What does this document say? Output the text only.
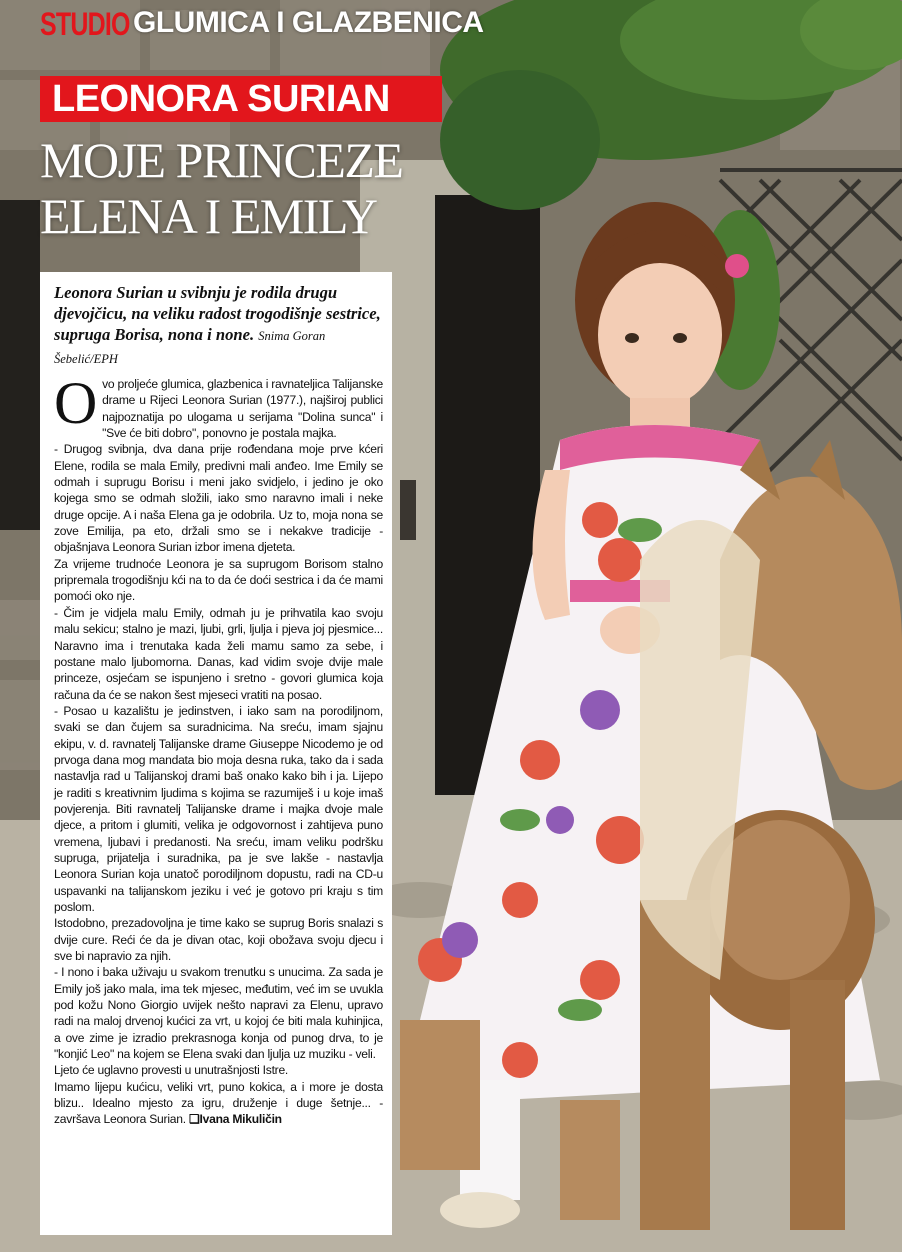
STUDIO GLUMICA I GLAZBENICA
LEONORA SURIAN
MOJE PRINCEZE
ELENA I EMILY
Leonora Surian u svibnju je rodila drugu djevojčicu, na veliku radost trogodišnje sestrice, supruga Borisa, nona i none. Snima Goran Šebelić/EPH

Ovo proljeće glumica, glazbenica i ravnateljica Talijanske drame u Rijeci Leonora Surian (1977.), najširoj publici najpoznatija po ulogama u serijama "Dolina sunca" i "Sve će biti dobro", ponovno je postala majka.

- Drugog svibnja, dva dana prije rođendana moje prve kćeri Elene, rodila se mala Emily, predivni mali anđeo. Ime Emily se odmah i suprugu Borisu i meni jako svidjelo, i jedino je oko kojega smo se odmah složili, iako smo naravno imali i neke druge opcije. A i naša Elena ga je odobrila. Uz to, moja nona se zove Emilija, pa eto, držali smo se i nekakve tradicije - objašnjava Leonora Surian izbor imena djeteta.

Za vrijeme trudnoće Leonora je sa suprugom Borisom stalno pripremala trogodišnju kći na to da će doći sestrica i da će mami pomoći oko nje.

- Čim je vidjela malu Emily, odmah ju je prihvatila kao svoju malu sekicu; stalno je mazi, ljubi, grli, ljulja i pjeva joj pjesmice... Naravno ima i trenutaka kada želi mamu samo za sebe, i postane malo ljubomorna. Danas, kad vidim svoje dvije male princeze, osjećam se ispunjeno i sretno - govori glumica koja računa da će se nakon šest mjeseci vratiti na posao.

- Posao u kazalištu je jedinstven, i iako sam na porodiljnom, svaki se dan čujem sa suradnicima. Na sreću, imam sjajnu ekipu, v. d. ravnatelj Talijanske drame Giuseppe Nicodemo je od prvoga dana mog mandata bio moja desna ruka, tako da i sada nastavlja rad u Talijanskoj drami baš onako kako bih i ja. Lijepo je raditi s kreativnim ljudima s kojima se razumiješ i u koje imaš povjerenja. Biti ravnatelj Talijanske drame i majka dvoje male djece, a pritom i glumiti, velika je odgovornost i zahtijeva puno vremena, ljubavi i predanosti. Na sreću, imam veliku podršku supruga, prijatelja i suradnika, pa je sve lakše - nastavlja Leonora Surian koja unatoč porodiljnom dopustu, radi na CD-u uspavanki na talijanskom jeziku i već je gotovo pri kraju s tim poslom.

Istodobno, prezadovoljna je time kako se suprug Boris snalazi s dvije cure. Reći će da je divan otac, koji obožava svoju djecu i sve bi napravio za njih.

- I nono i baka uživaju u svakom trenutku s unucima. Za sada je Emily još jako mala, ima tek mjesec, međutim, već im se uvukla pod kožu Nono Giorgio uvijek nešto napravi za Elenu, upravo radi na maloj drvenoj kućici za vrt, u kojoj će biti mala kuhinjica, a ove zime je izradio prekrasnoga konja od punog drva, to je "konjić Leo" na kojem se Elena svaki dan ljulja uz muziku - veli.

Ljeto će uglavno provesti u unutrašnjosti Istre.

Imamo lijepu kućicu, veliki vrt, puno kokica, a i more je dosta blizu.. Idealno mjesto za igru, druženje i duge šetnje... - završava Leonora Surian. ❏Ivana Mikuličin
